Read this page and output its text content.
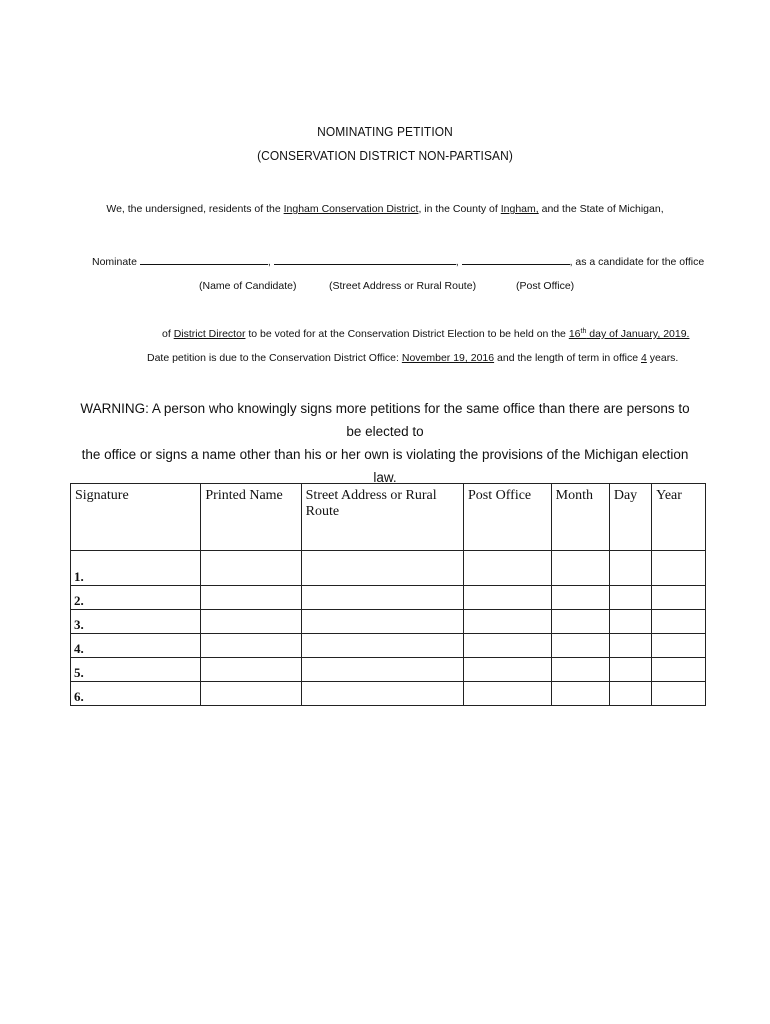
NOMINATING PETITION
(CONSERVATION DISTRICT NON-PARTISAN)
We, the undersigned, residents of the Ingham Conservation District, in the County of Ingham, and the State of Michigan,
Nominate	,	,	, as a candidate for the office
(Name of Candidate)	(Street Address or Rural Route)	(Post Office)
of District Director to be voted for at the Conservation District Election to be held on the 16th day of January, 2019.
Date petition is due to the Conservation District Office: November 19, 2016 and the length of term in office 4 years.
WARNING: A person who knowingly signs more petitions for the same office than there are persons to be elected to
the office or signs a name other than his or her own is violating the provisions of the Michigan election law.
Signature	Printed Name	Street Address or Rural Route	Post Office	Month	Day	Year
1.						
2.						
3.						
4.						
5.						
6.						
